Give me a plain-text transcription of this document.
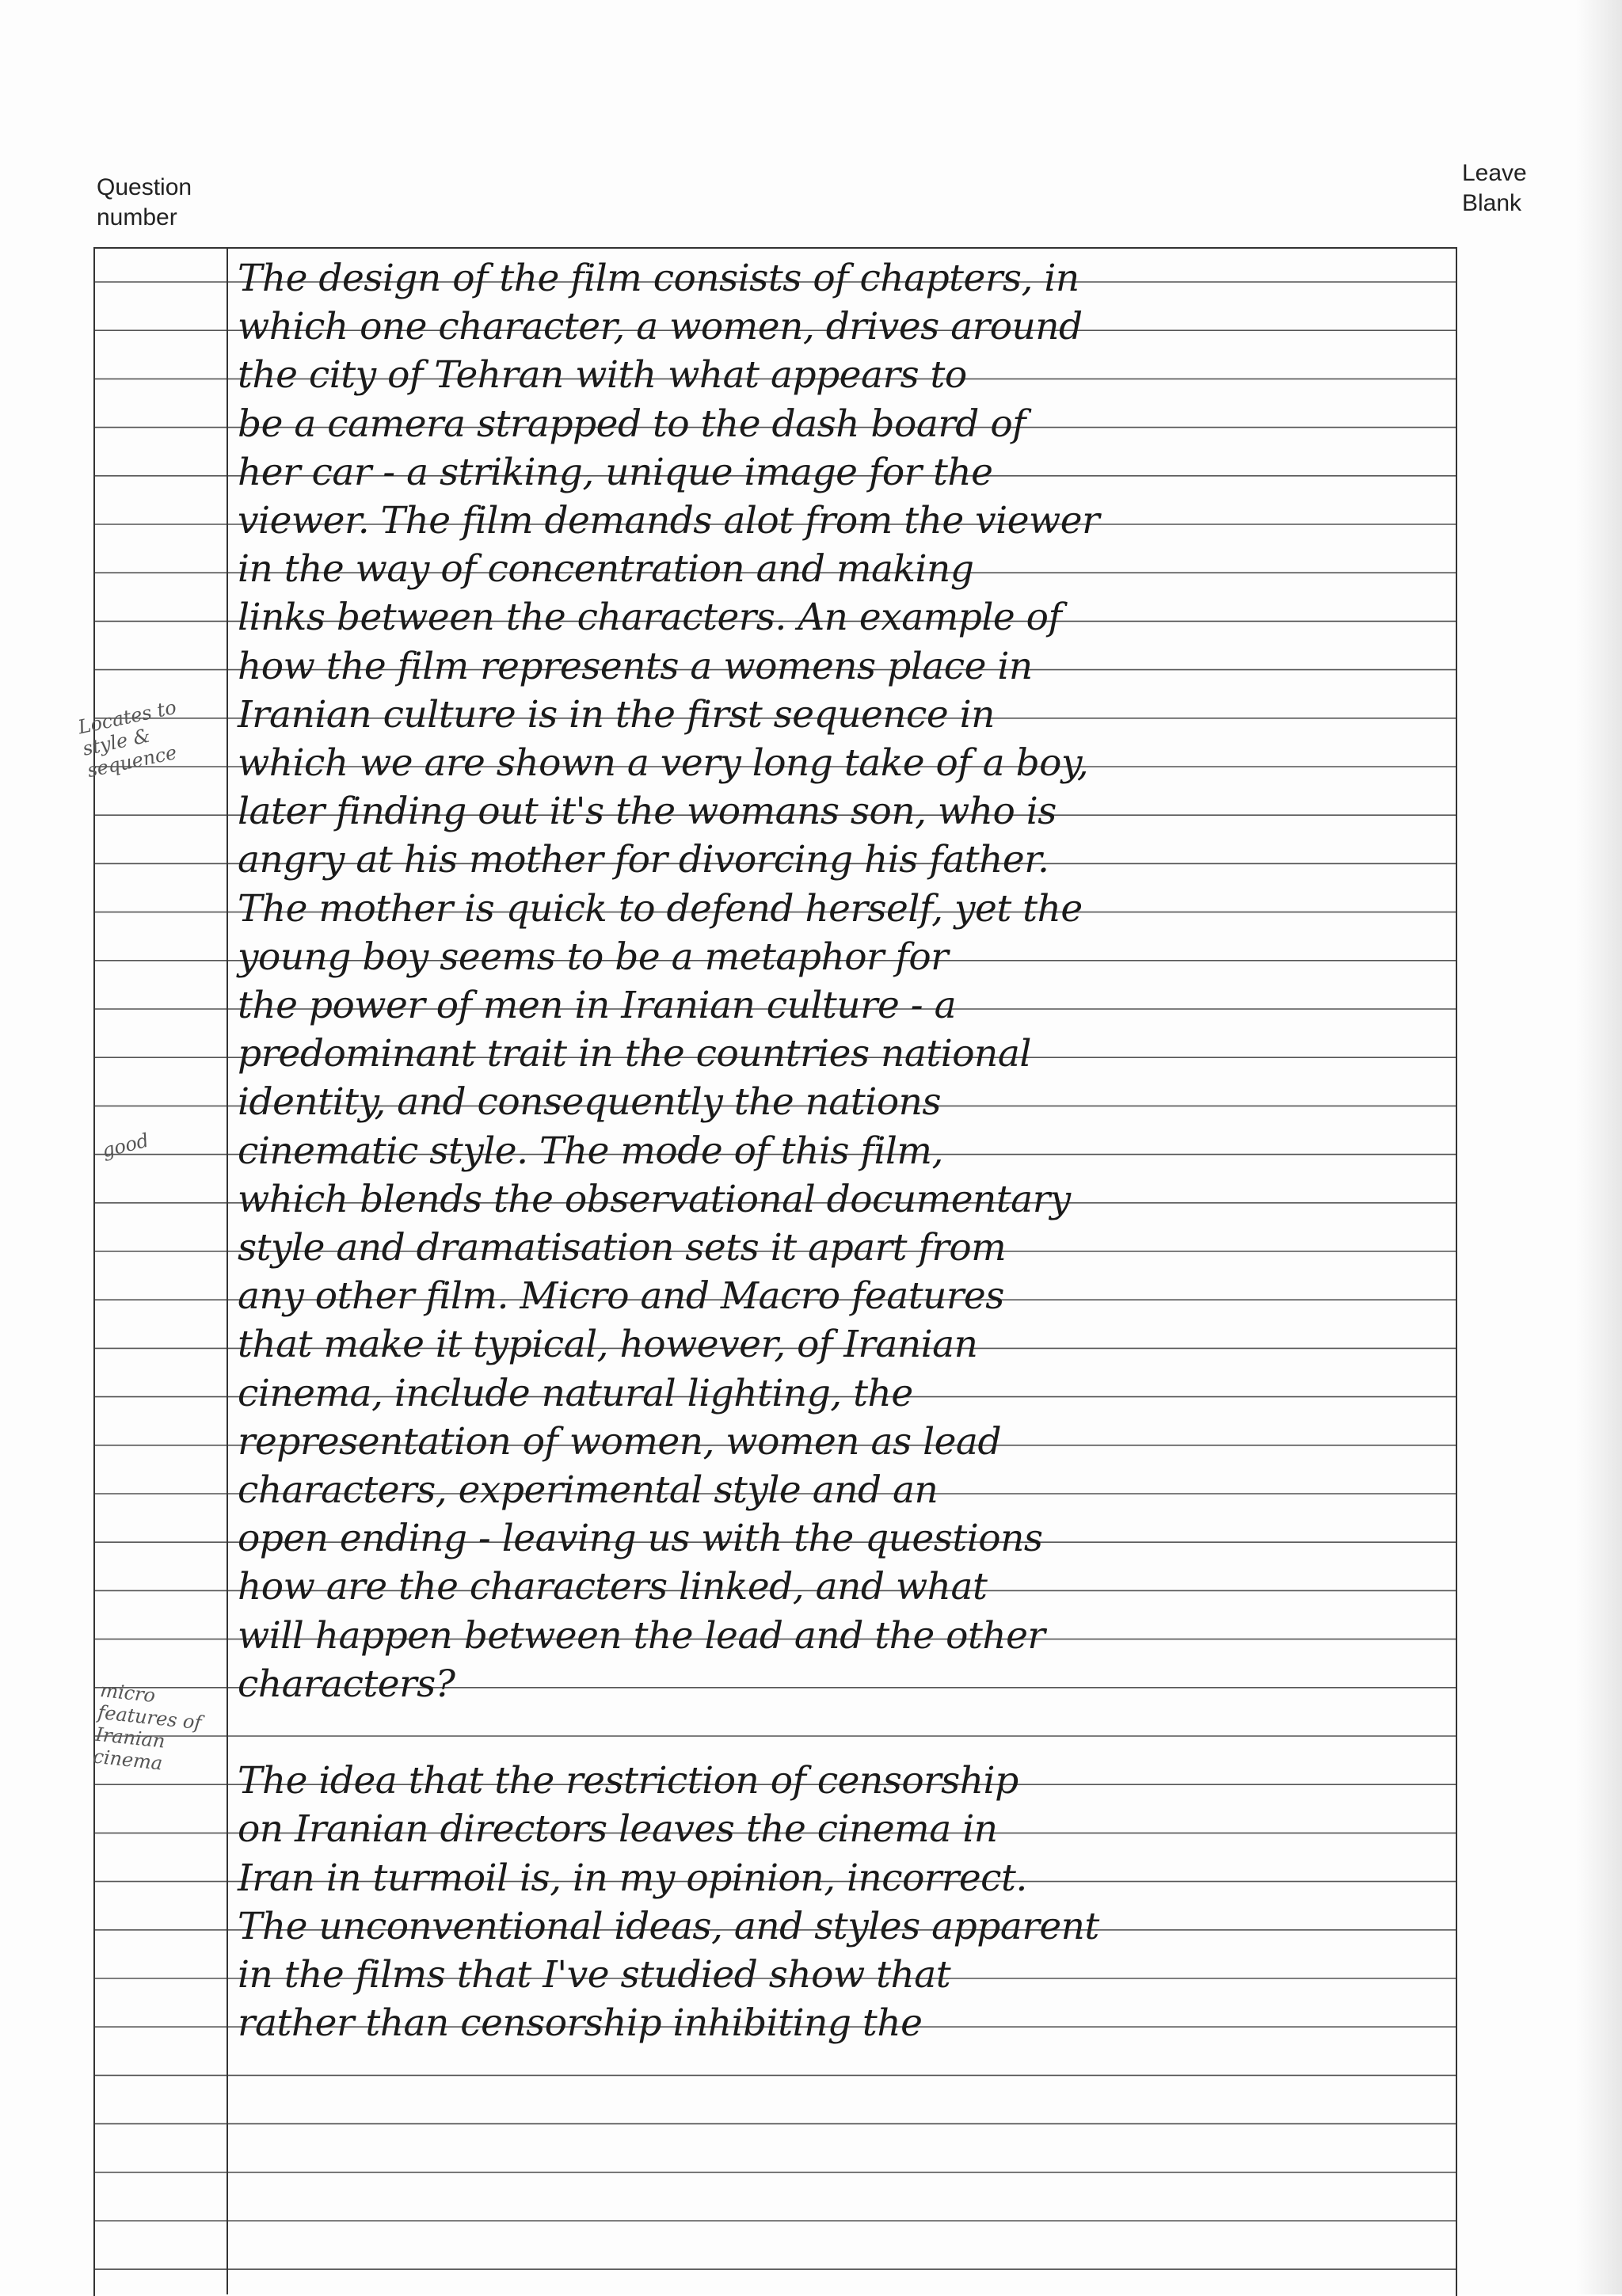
Question number
Leave Blank
Locates to style & sequence
good
micro features of Iranian cinema
The design of the film consists of chapters, in
which one character, a women, drives around
the city of Tehran with what appears to
be a camera strapped to the dash board of
her car - a striking, unique image for the
viewer. The film demands alot from the viewer
in the way of concentration and making
links between the characters. An example of
how the film represents a womens place in
Iranian culture is in the first sequence in
which we are shown a very long take of a boy,
later finding out it's the womans son, who is
angry at his mother for divorcing his father.
The mother is quick to defend herself, yet the
young boy seems to be a metaphor for
the power of men in Iranian culture - a
predominant trait in the countries national
identity, and consequently the nations
cinematic style. The mode of this film,
which blends the observational documentary
style and dramatisation sets it apart from
any other film. Micro and Macro features
that make it typical, however, of Iranian
cinema, include natural lighting, the
representation of women, women as lead
characters, experimental style and an
open ending - leaving us with the questions
how are the characters linked, and what
will happen between the lead and the other
characters?
The idea that the restriction of censorship
on Iranian directors leaves the cinema in
Iran in turmoil is, in my opinion, incorrect.
The unconventional ideas, and styles apparent
in the films that I've studied show that
rather than censorship inhibiting the
